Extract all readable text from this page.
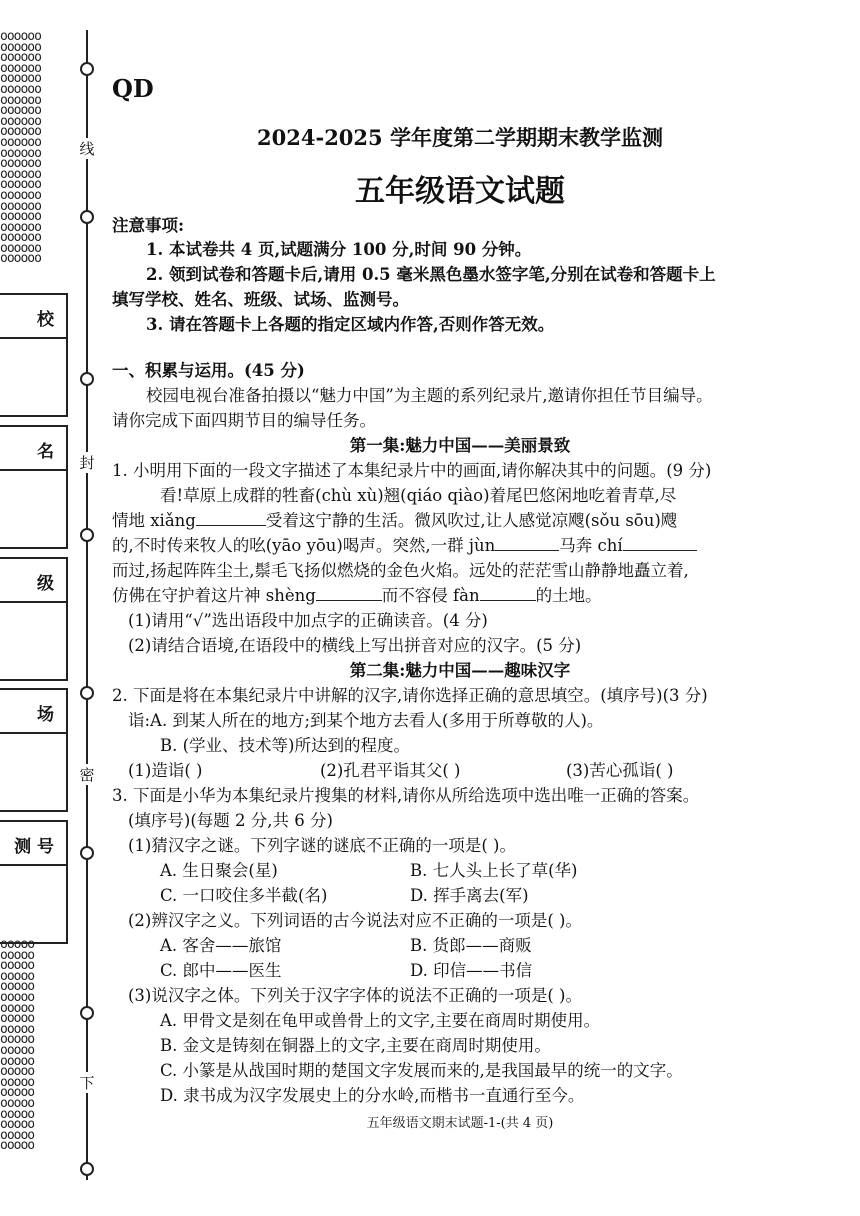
oooooo
oooooo
oooooo
oooooo
oooooo
oooooo
oooooo
oooooo
oooooo
oooooo
oooooo
oooooo
oooooo
oooooo
oooooo
oooooo
oooooo
oooooo
oooooo
oooooo
oooooo
oooooo
ooooo
ooooo
ooooo
ooooo
ooooo
ooooo
ooooo
ooooo
ooooo
ooooo
ooooo
ooooo
ooooo
ooooo
ooooo
ooooo
ooooo
ooooo
ooooo
ooooo
线
封
密
下
校
名
级
场
测 号
QD
2024-2025 学年度第二学期期末教学监测
五年级语文试题
注意事项:
1. 本试卷共 4 页,试题满分 100 分,时间 90 分钟。
2. 领到试卷和答题卡后,请用 0.5 毫米黑色墨水签字笔,分别在试卷和答题卡上
填写学校、姓名、班级、试场、监测号。
3. 请在答题卡上各题的指定区域内作答,否则作答无效。
一、积累与运用。(45 分)
校园电视台准备拍摄以“魅力中国”为主题的系列纪录片,邀请你担任节目编导。
请你完成下面四期节目的编导任务。
第一集:魅力中国——美丽景致
1. 小明用下面的一段文字描述了本集纪录片中的画面,请你解决其中的问题。(9 分)
看!草原上成群的牲畜(chù xù)翘(qiáo qiào)着尾巴悠闲地吃着青草,尽
情地 xiǎng	受着这宁静的生活。微风吹过,让人感觉凉飕(sǒu sōu)飕
的,不时传来牧人的吆(yāo yōu)喝声。突然,一群 jùn	马奔 chí
而过,扬起阵阵尘土,鬃毛飞扬似燃烧的金色火焰。远处的茫茫雪山静静地矗立着,
仿佛在守护着这片神 shèng	而不容侵 fàn	的土地。
(1)请用“√”选出语段中加点字的正确读音。(4 分)
(2)请结合语境,在语段中的横线上写出拼音对应的汉字。(5 分)
第二集:魅力中国——趣味汉字
2. 下面是将在本集纪录片中讲解的汉字,请你选择正确的意思填空。(填序号)(3 分)
诣:A. 到某人所在的地方;到某个地方去看人(多用于所尊敬的人)。
B. (学业、技术等)所达到的程度。
(1)造诣( )	(2)孔君平诣其父( )	(3)苦心孤诣( )
3. 下面是小华为本集纪录片搜集的材料,请你从所给选项中选出唯一正确的答案。
(填序号)(每题 2 分,共 6 分)
(1)猜汉字之谜。下列字谜的谜底不正确的一项是( )。
A. 生日聚会(星)	B. 七人头上长了草(华)
C. 一口咬住多半截(名)	D. 挥手离去(军)
(2)辨汉字之义。下列词语的古今说法对应不正确的一项是( )。
A. 客舍——旅馆	B. 货郎——商贩
C. 郎中——医生	D. 印信——书信
(3)说汉字之体。下列关于汉字字体的说法不正确的一项是( )。
A. 甲骨文是刻在龟甲或兽骨上的文字,主要在商周时期使用。
B. 金文是铸刻在铜器上的文字,主要在商周时期使用。
C. 小篆是从战国时期的楚国文字发展而来的,是我国最早的统一的文字。
D. 隶书成为汉字发展史上的分水岭,而楷书一直通行至今。
五年级语文期末试题-1-(共 4 页)
